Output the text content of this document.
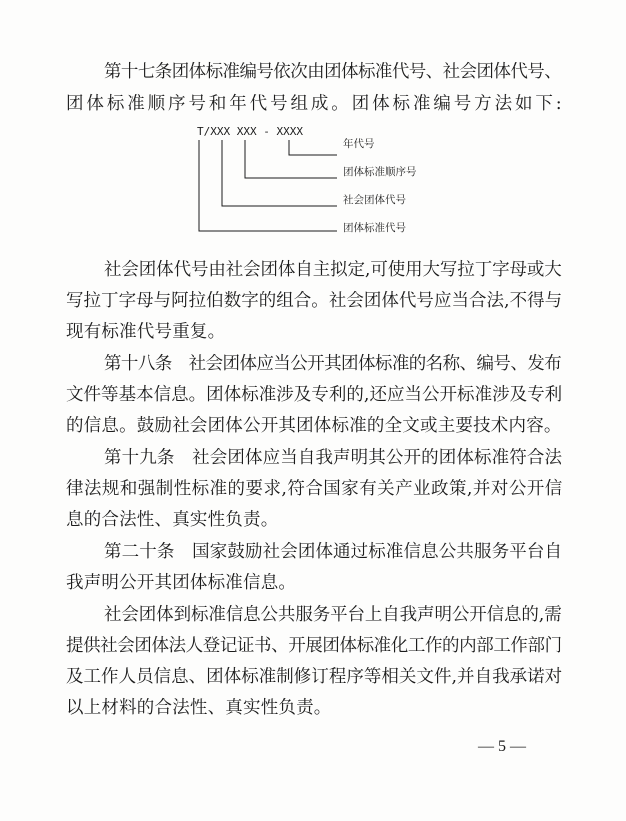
第十七条团体标准编号依次由团体标准代号、社会团体代号、
团体标准顺序号和年代号组成。团体标准编号方法如下:
T/XXX XXX - XXXX
年代号
团体标准顺序号
社会团体代号
团体标准代号
社会团体代号由社会团体自主拟定,可使用大写拉丁字母或大
写拉丁字母与阿拉伯数字的组合。社会团体代号应当合法,不得与
现有标准代号重复。
第十八条　社会团体应当公开其团体标准的名称、编号、发布
文件等基本信息。团体标准涉及专利的,还应当公开标准涉及专利
的信息。鼓励社会团体公开其团体标准的全文或主要技术内容。
第十九条　社会团体应当自我声明其公开的团体标准符合法
律法规和强制性标准的要求,符合国家有关产业政策,并对公开信
息的合法性、真实性负责。
第二十条　国家鼓励社会团体通过标准信息公共服务平台自
我声明公开其团体标准信息。
社会团体到标准信息公共服务平台上自我声明公开信息的,需
提供社会团体法人登记证书、开展团体标准化工作的内部工作部门
及工作人员信息、团体标准制修订程序等相关文件,并自我承诺对
以上材料的合法性、真实性负责。
— 5 —
